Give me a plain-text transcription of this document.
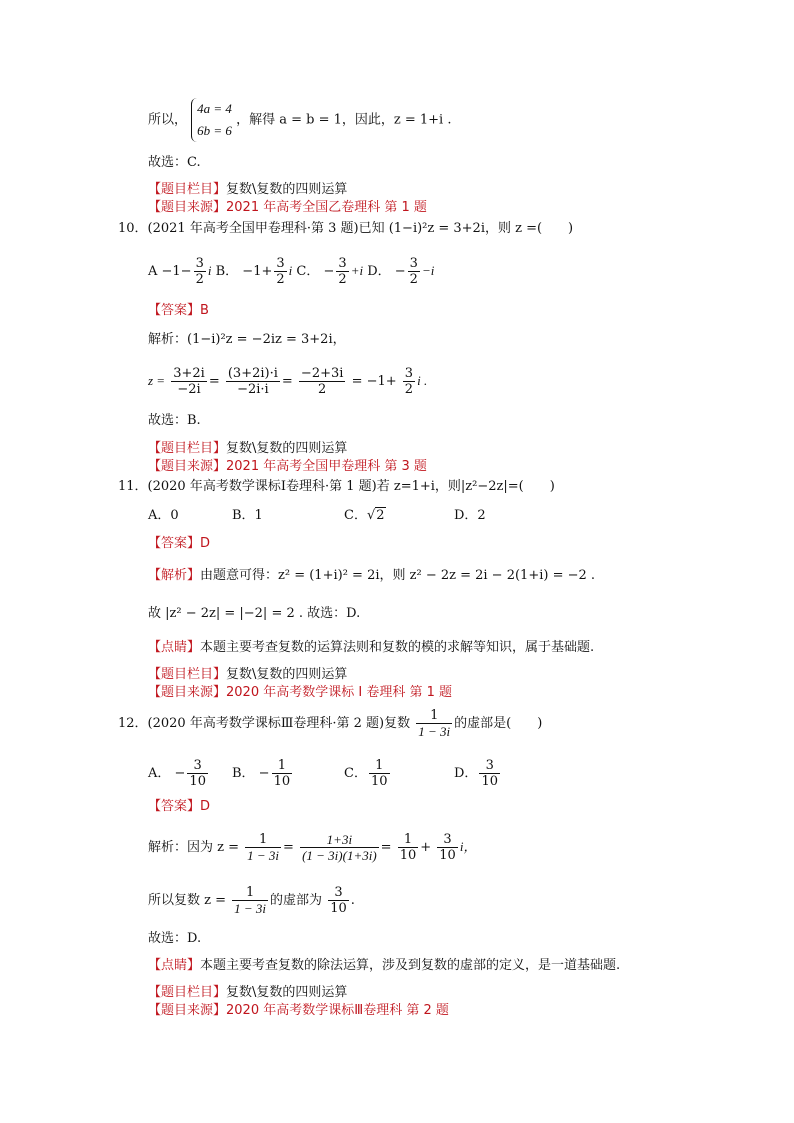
所以，
4a = 4
6b = 6
，解得 a = b = 1，因此，z = 1+i .
故选：C.
【题目栏目】复数\复数的四则运算
【题目来源】2021 年高考全国乙卷理科 第 1 题
10．(2021 年高考全国甲卷理科·第 3 题)已知 (1−i)²z = 3+2i，则 z =(　　)
$A -1- \frac{3}{2}$ i B． $-1+ \frac{3}{2}$ i C． − $\frac{3}{2} +i$ D． − $\frac{3}{2} -i$
【答案】B
解析：(1−i)²z = −2iz = 3+2i，
$z = \frac{3+2i}{-2i} = \frac{(3+2i)\cdot i}{-2i\cdot i} = \frac{-2+3i}{2} = -1+ \frac{3}{2}$ i .
故选：B.
【题目栏目】复数\复数的四则运算
【题目来源】2021 年高考全国甲卷理科 第 3 题
11．(2020 年高考数学课标Ⅰ卷理科·第 1 题)若 z=1+i，则|z²−2z|=(　　)
A．0	B．1	C．√2	D．2
【答案】D
【解析】由题意可得：z² = (1+i)² = 2i，则 z² − 2z = 2i − 2(1+i) = −2 .
故 |z² − 2z| = |−2| = 2 . 故选：D.
【点睛】本题主要考查复数的运算法则和复数的模的求解等知识，属于基础题.
【题目栏目】复数\复数的四则运算
【题目来源】2020 年高考数学课标 Ⅰ 卷理科 第 1 题
12．(2020 年高考数学课标Ⅲ卷理科·第 2 题)复数 $\frac{1}{1 - 3i}$ 的虚部是(　　)
A． − $\frac{3}{10}$ B． − $\frac{1}{10}$	C． $\frac{1}{10}$	D． $\frac{3}{10}$
【答案】D
解析：因为 $z = \frac{1}{1 - 3i} = \frac{1+3i}{(1 - 3i)(1+3i)} = \frac{1}{10} + \frac{3}{10}$ i，
所以复数 $z = \frac{1}{1 - 3i}$ 的虚部为 $\frac{3}{10}$ .
故选：D.
【点睛】本题主要考查复数的除法运算，涉及到复数的虚部的定义，是一道基础题.
【题目栏目】复数\复数的四则运算
【题目来源】2020 年高考数学课标Ⅲ卷理科 第 2 题
